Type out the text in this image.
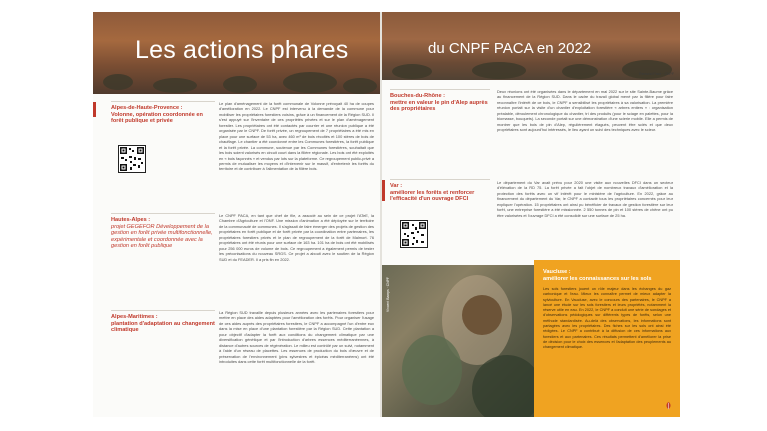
Les actions phares
Alpes-de-Haute-Provence :
Volonne, opération coordonnée en forêt publique et privée

Le plan d'aménagement de la forêt communale de Volonne prévoyait 40 ha de coupes d'amélioration en 2022. Le CNPF est intervenu à la demande de la commune pour mobiliser les propriétaires forestiers voisins, grâce à un financement de la Région SUD. Il s'est appuyé sur l'inventaire de ces propriétés privées et sur le plan d'aménagement forestier. Les propriétaires ont été contactés par courrier et une réunion publique a été organisée par le CNPF. De forêt privée, un regroupement de 7 propriétaires a été mis en place pour une surface de 53 ha, avec 460 m³ de bois récoltés et 100 stères de bois de chauffage. Le chantier a été coordonné entre les Communes forestières, la forêt publique et la forêt privée. La commune, soutenue par les Communes forestières, souhaitait que les bois soient valorisés en circuit court dans la filière régionale. Les bois ont été exploités en « bois façonnés » et vendus par lots sur la plateforme. Ce regroupement public-privé a permis de mutualiser les moyens et d'intervenir sur le massif, d'entretenir les forêts du territoire et de contribuer à l'alimentation de la filière bois.

Hautes-Alpes :
projet GEGEFOR Développement de la gestion en forêt privée multifonctionnelle, expérimentale et coordonnée avec la gestion en forêt publique

Le CNPF PACA, en tant que chef de file, a associé au sein de ce projet l'ATeE, la Chambre d'Agriculture et l'ONF. Une mission d'animation a été déployée sur le territoire de la communauté de communes. Il s'agissait de faire émerger des projets de gestion des propriétaires en forêt publique et de forêt privée par la coordination entre partenaires, les propriétaires forestiers privés et le plan de regroupement de la forêt de Malmort. 76 propriétaires ont été réunis pour une surface de 163 ha. 101 ha de bois ont été mobilisés pour 256 000 euros de volume de bois. Ce regroupement a également permis de tester les préconisations du nouveau SRGS. Ce projet a abouti avec le soutien de la Région SUD et du FEADER. Il a pris fin en 2022.

Alpes-Maritimes :
plantation d'adaptation au changement climatique

La Région SUD travaille depuis plusieurs années avec les partenaires forestiers pour mettre en place des aides adaptées pour l'amélioration des forêts. Pour organiser l'usage de ces aides auprès des propriétaires forestiers, le CNPF a accompagné l'un d'entre eux dans la mise en place d'une plantation forestière par la Région SUD. Cette plantation a pour objectif d'adapter la forêt aux conditions du changement climatique par une diversification génétique et par l'introduction d'arbres essences méditerranéennes, à distance d'autres sources de régénération. Le milieu est contrôlé par un suivi, notamment à l'aide d'un réseau de placettes. Les essences de production du bois d'œuvre et de préservation de l'environnement (pins sylvestres et épicéas méditerranéens) ont été introduites dans cette forêt multifonctionnelle de la forêt.

du CNPF PACA en 2022
Remond Pacé · CNPF
Bouches-du-Rhône :
mettre en valeur le pin d'Alep auprès des propriétaires

Deux réunions ont été organisées dans le département en mai 2022 sur le site Sainte-Baume grâce au financement de la Région SUD. Dans le cadre du travail global mené par la filière pour faire reconnaître l'intérêt de ce bois, le CNPF a sensibilisé les propriétaires à sa valorisation. La première réunion portait sur la visite d'un chantier d'exploitation forestière « arbres entiers » : organisation préalable, déroulement chronologique du chantier, tri des produits (pour le sciage en palettes, pour la biomasse, bouquets). La seconde portait sur une démonstration d'une scierie mobile. Elle a permis de montrer que les bois de pin d'Alep, régulièrement élagués, peuvent être sciés et que deux propriétaires sont aujourd'hui intéressés, le lieu ayant un suivi des techniques avec le scieur.

Var :
améliorer les forêts et renforcer l'efficacité d'un ouvrage DFCI

Le département du Var avait prévu pour 2020 une visite aux nouvelles DFCI dans un secteur d'élévation de la RD 75. La forêt privée a fait l'objet de nombreux travaux d'amélioration et la protection des forêts avec un vif intérêt pour le ministère de l'agriculture. En 2022, grâce au financement du département du Var, le CNPF a contacté tous les propriétaires concernés pour leur expliquer l'opération. 15 propriétaires ont ainsi pu bénéficier de travaux de gestion forestière sur leur forêt, une entreprise forestière a été missionnée. 2 550 tonnes de pin et 100 stères de chêne ont pu être valorisées et l'ouvrage DFCI a été consolidé sur une surface de 25 ha.

Vincent Bamps · CNPF
Vaucluse :
améliorer les connaissances sur les sols

Les sols forestiers jouent un rôle majeur dans les échanges du gaz carbonique et l'eau. Mieux les connaître permet de mieux adapter la sylviculture. En Vaucluse, avec le concours des partenaires, le CNPF a lancé une étude sur les sols forestiers et leurs propriétés, notamment la réserve utile en eau. En 2022, le CNPF a conduit une série de sondages et d'observations pédologiques sur différents types de forêts, selon une méthode standardisée. Au-delà des observations, les informations sont partagées avec les propriétaires. Des fiches sur les sols ont ainsi été rédigées. Le CNPF a contribué à la diffusion de ces informations aux forestiers et aux partenaires. Ces résultats permettent d'améliorer la prise de décision pour le choix des essences et l'adaptation des peuplements au changement climatique.
